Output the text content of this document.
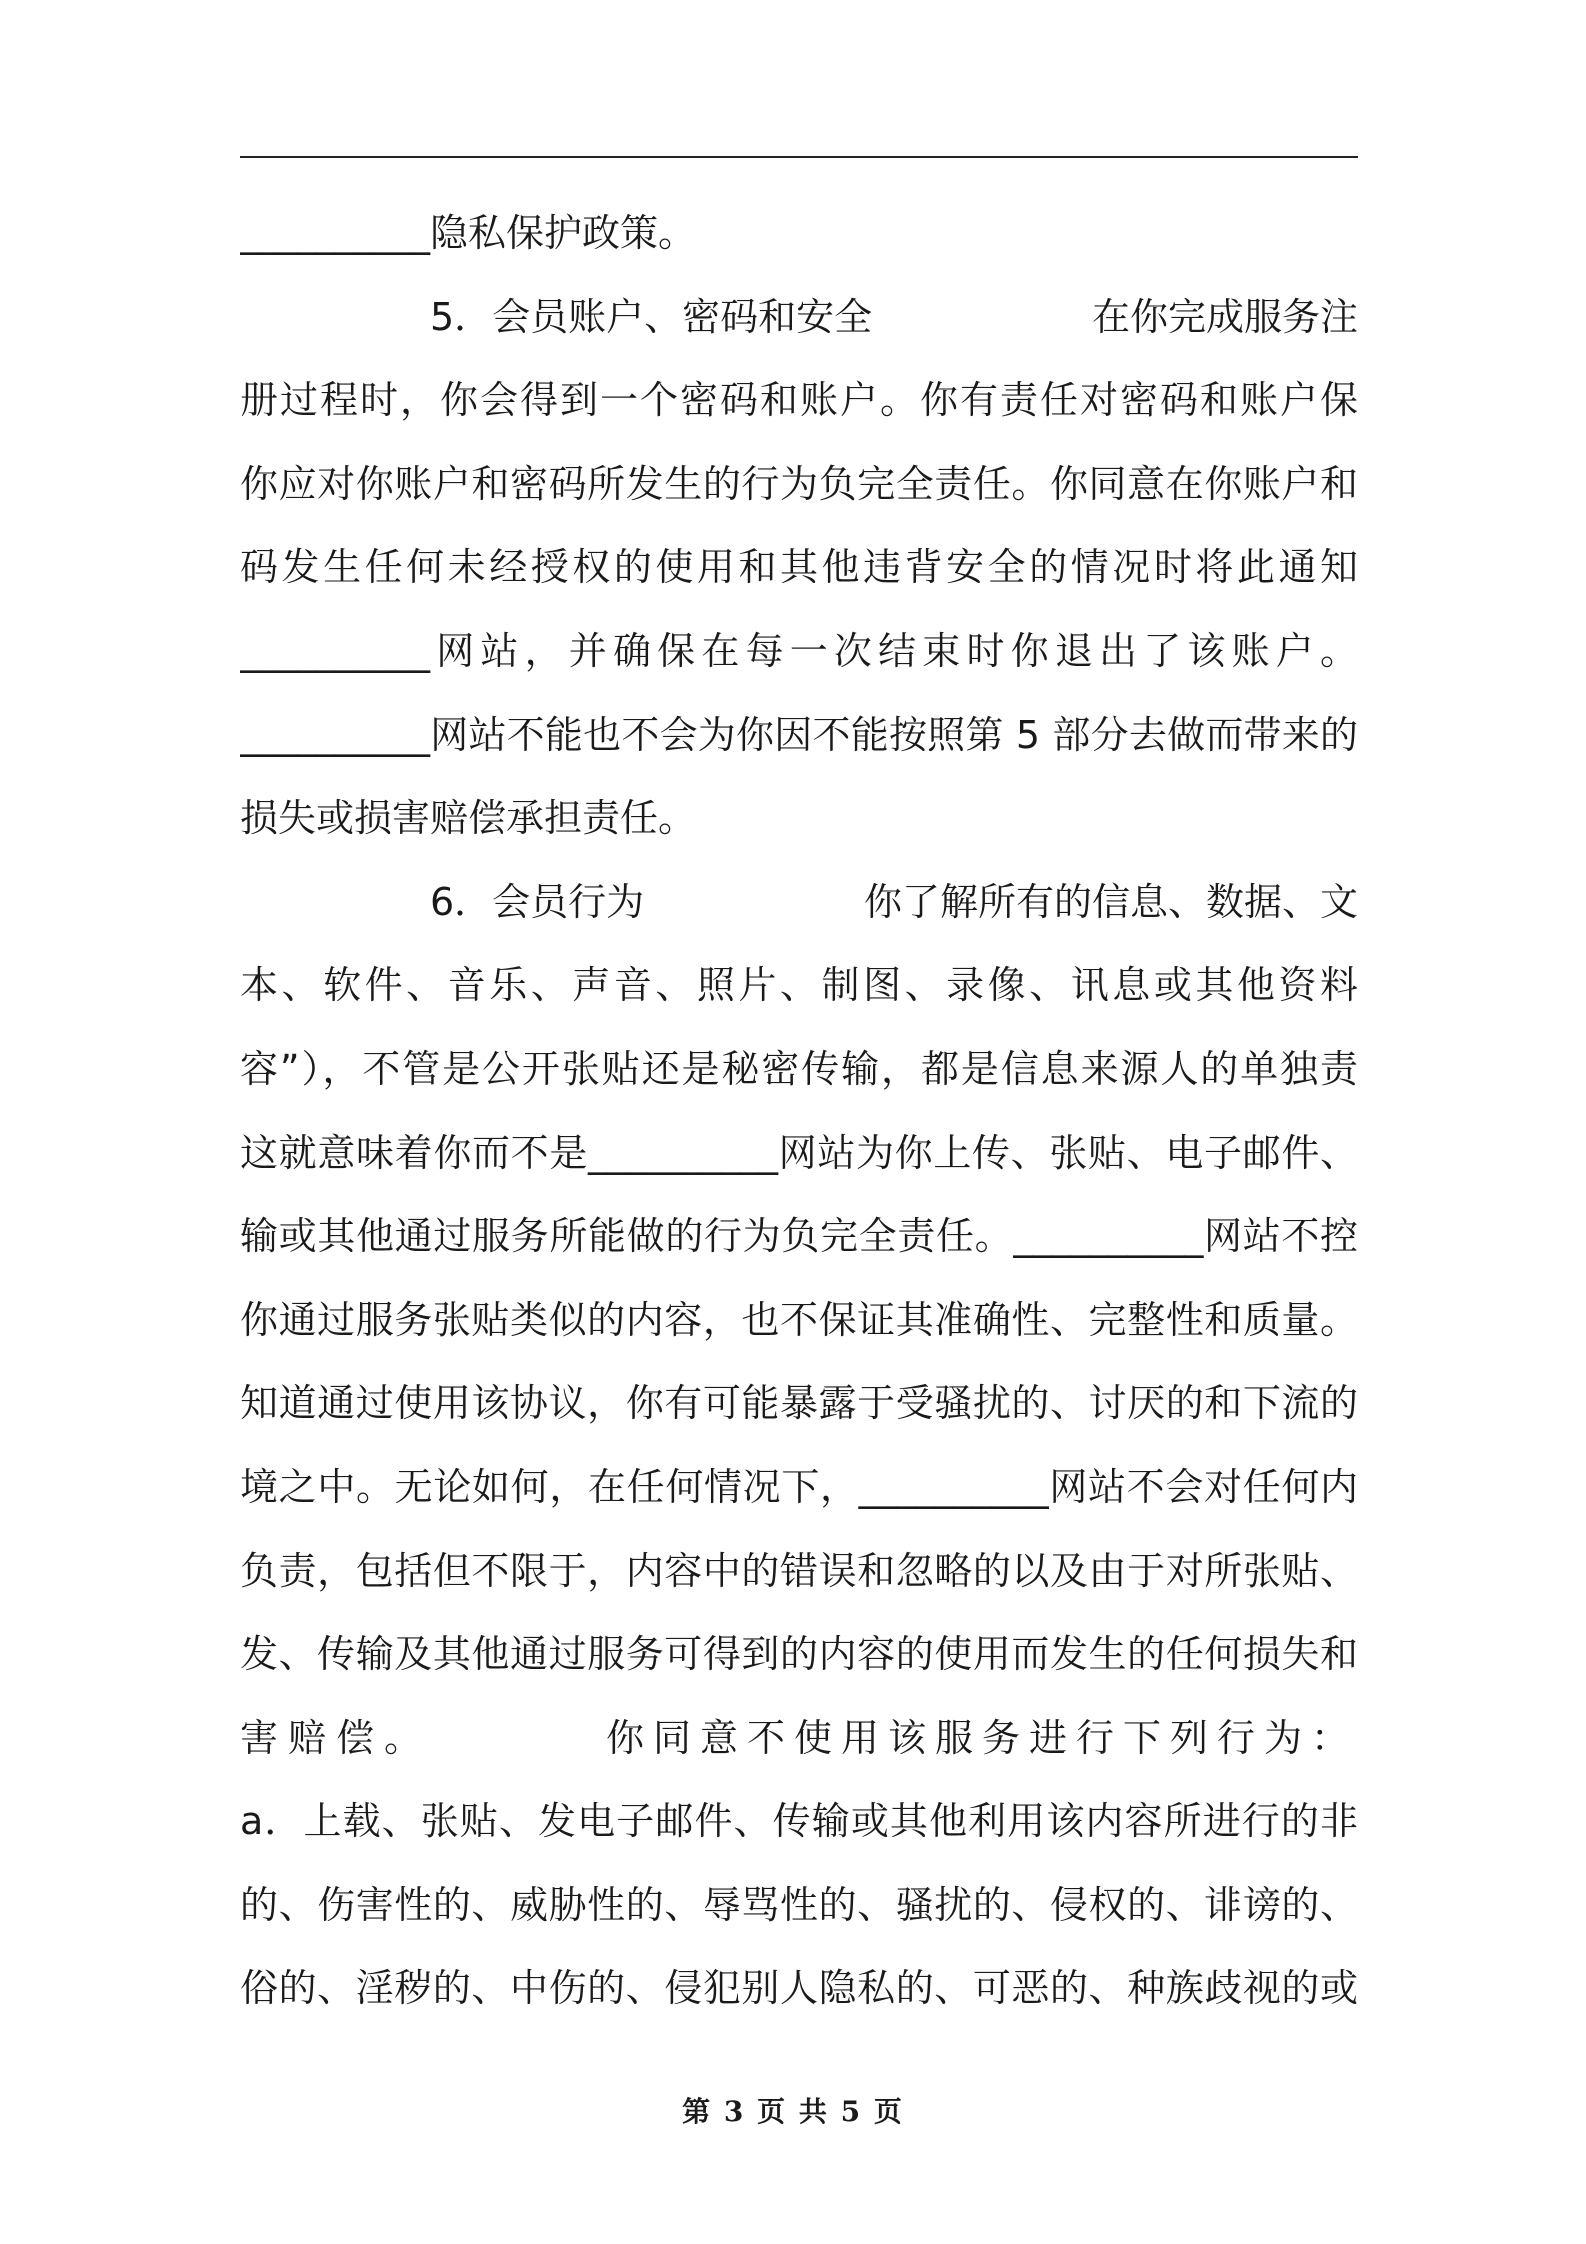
__________隐私保护政策。
5．会员账户、密码和安全	在你完成服务注
册过程时，你会得到一个密码和账户。你有责任对密码和账户保
你应对你账户和密码所发生的行为负完全责任。你同意在你账户和
码发生任何未经授权的使用和其他违背安全的情况时将此通知
__________网站，并确保在每一次结束时你退出了该账户。
__________网站不能也不会为你因不能按照第 5 部分去做而带来的
损失或损害赔偿承担责任。
6．会员行为	你了解所有的信息、数据、文
本、软件、音乐、声音、照片、制图、录像、讯息或其他资料
容”），不管是公开张贴还是秘密传输，都是信息来源人的单独责
这就意味着你而不是__________网站为你上传、张贴、电子邮件、
输或其他通过服务所能做的行为负完全责任。__________网站不控
你通过服务张贴类似的内容，也不保证其准确性、完整性和质量。
知道通过使用该协议，你有可能暴露于受骚扰的、讨厌的和下流的
境之中。无论如何，在任何情况下，__________网站不会对任何内
负责，包括但不限于，内容中的错误和忽略的以及由于对所张贴、
发、传输及其他通过服务可得到的内容的使用而发生的任何损失和
害赔偿。	你同意不使用该服务进行下列行为：
a．上载、张贴、发电子邮件、传输或其他利用该内容所进行的非
的、伤害性的、威胁性的、辱骂性的、骚扰的、侵权的、诽谤的、
俗的、淫秽的、中伤的、侵犯别人隐私的、可恶的、种族歧视的或
第 3 页 共 5 页
